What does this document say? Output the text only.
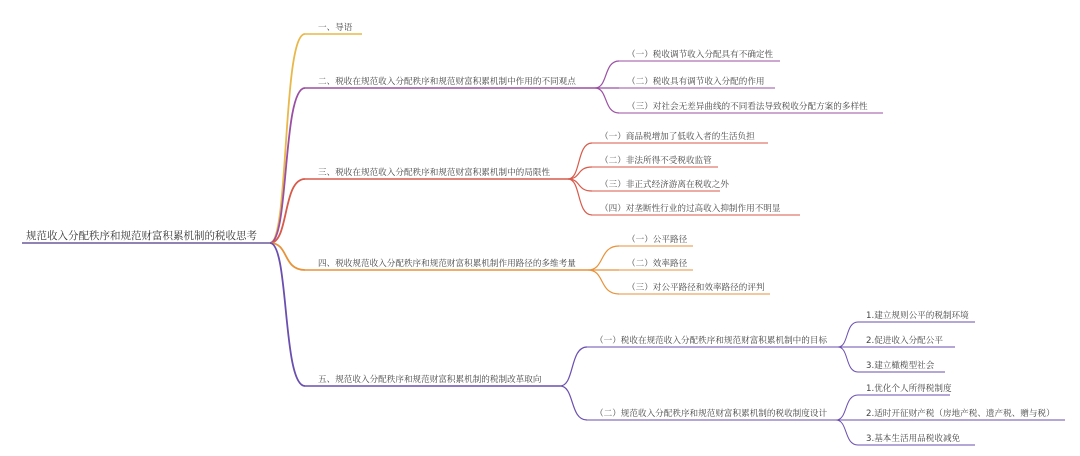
规范收入分配秩序和规范财富积累机制的税收思考
一、导语
二、税收在规范收入分配秩序和规范财富积累机制中作用的不同观点
（一）税收调节收入分配具有不确定性
（二）税收具有调节收入分配的作用
（三）对社会无差异曲线的不同看法导致税收分配方案的多样性
三、税收在规范收入分配秩序和规范财富积累机制中的局限性
（一）商品税增加了低收入者的生活负担
（二）非法所得不受税收监管
（三）非正式经济游离在税收之外
（四）对垄断性行业的过高收入抑制作用不明显
四、税收规范收入分配秩序和规范财富积累机制作用路径的多维考量
（一）公平路径
（二）效率路径
（三）对公平路径和效率路径的评判
五、规范收入分配秩序和规范财富积累机制的税制改革取向
（一）税收在规范收入分配秩序和规范财富积累机制中的目标
1.建立规则公平的税制环境
2.促进收入分配公平
3.建立橄榄型社会
（二）规范收入分配秩序和规范财富积累机制的税收制度设计
1.优化个人所得税制度
2.适时开征财产税（房地产税、遗产税、赠与税）
3.基本生活用品税收减免
